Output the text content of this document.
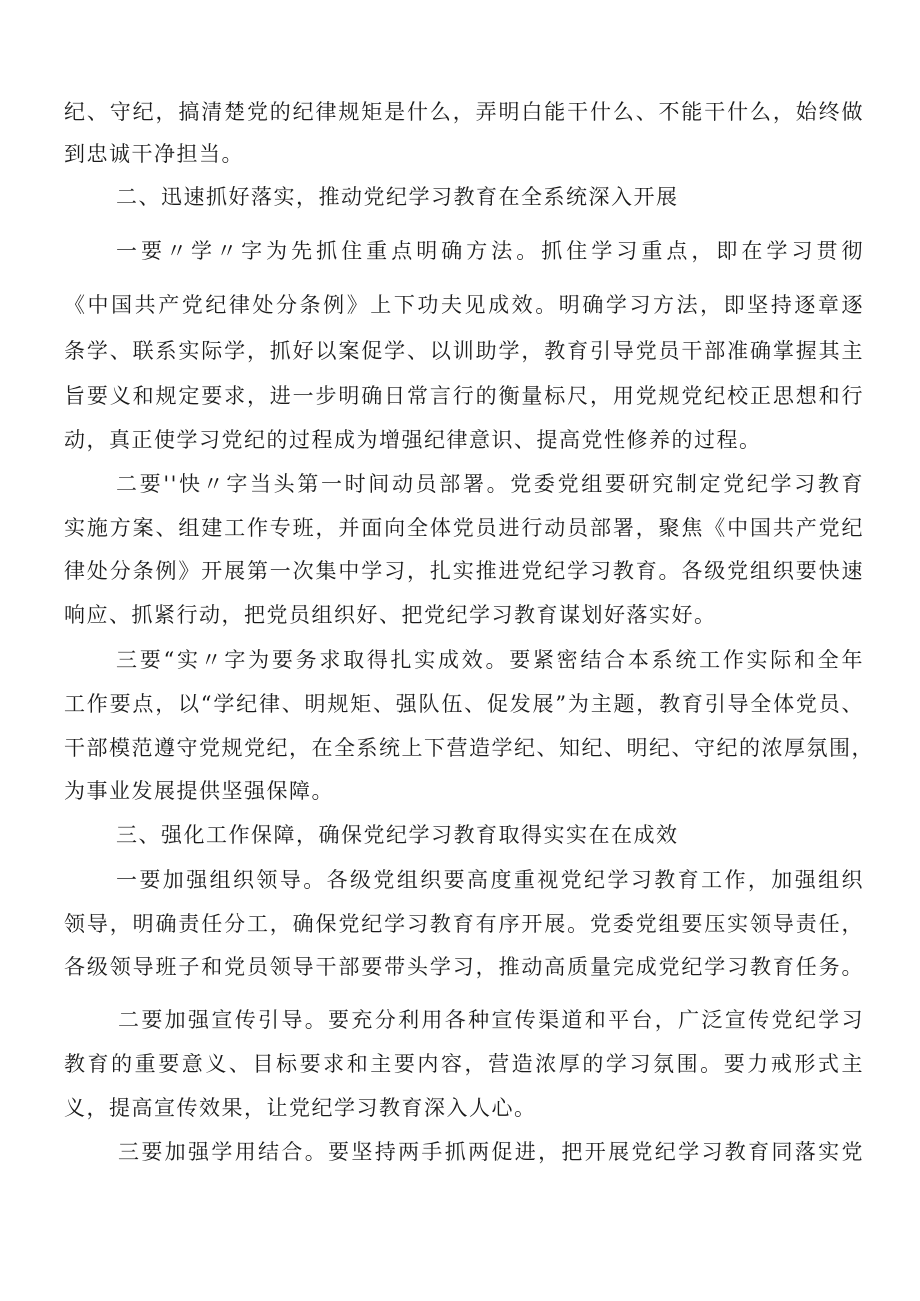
纪、守纪，搞清楚党的纪律规矩是什么，弄明白能干什么、不能干什么，始终做
到忠诚干净担当。
二、迅速抓好落实，推动党纪学习教育在全系统深入开展
一要〃学〃字为先抓住重点明确方法。抓住学习重点，即在学习贯彻
《中国共产党纪律处分条例》上下功夫见成效。明确学习方法，即坚持逐章逐
条学、联系实际学，抓好以案促学、以训助学，教育引导党员干部准确掌握其主
旨要义和规定要求，进一步明确日常言行的衡量标尺，用党规党纪校正思想和行
动，真正使学习党纪的过程成为增强纪律意识、提高党性修养的过程。
二要''快〃字当头第一时间动员部署。党委党组要研究制定党纪学习教育
实施方案、组建工作专班，并面向全体党员进行动员部署，聚焦《中国共产党纪
律处分条例》开展第一次集中学习，扎实推进党纪学习教育。各级党组织要快速
响应、抓紧行动，把党员组织好、把党纪学习教育谋划好落实好。
三要“实〃字为要务求取得扎实成效。要紧密结合本系统工作实际和全年
工作要点，以“学纪律、明规矩、强队伍、促发展”为主题，教育引导全体党员、
干部模范遵守党规党纪，在全系统上下营造学纪、知纪、明纪、守纪的浓厚氛围，
为事业发展提供坚强保障。
三、强化工作保障，确保党纪学习教育取得实实在在成效
一要加强组织领导。各级党组织要高度重视党纪学习教育工作，加强组织
领导，明确责任分工，确保党纪学习教育有序开展。党委党组要压实领导责任，
各级领导班子和党员领导干部要带头学习，推动高质量完成党纪学习教育任务。
二要加强宣传引导。要充分利用各种宣传渠道和平台，广泛宣传党纪学习
教育的重要意义、目标要求和主要内容，营造浓厚的学习氛围。要力戒形式主
义，提高宣传效果，让党纪学习教育深入人心。
三要加强学用结合。要坚持两手抓两促进，把开展党纪学习教育同落实党
